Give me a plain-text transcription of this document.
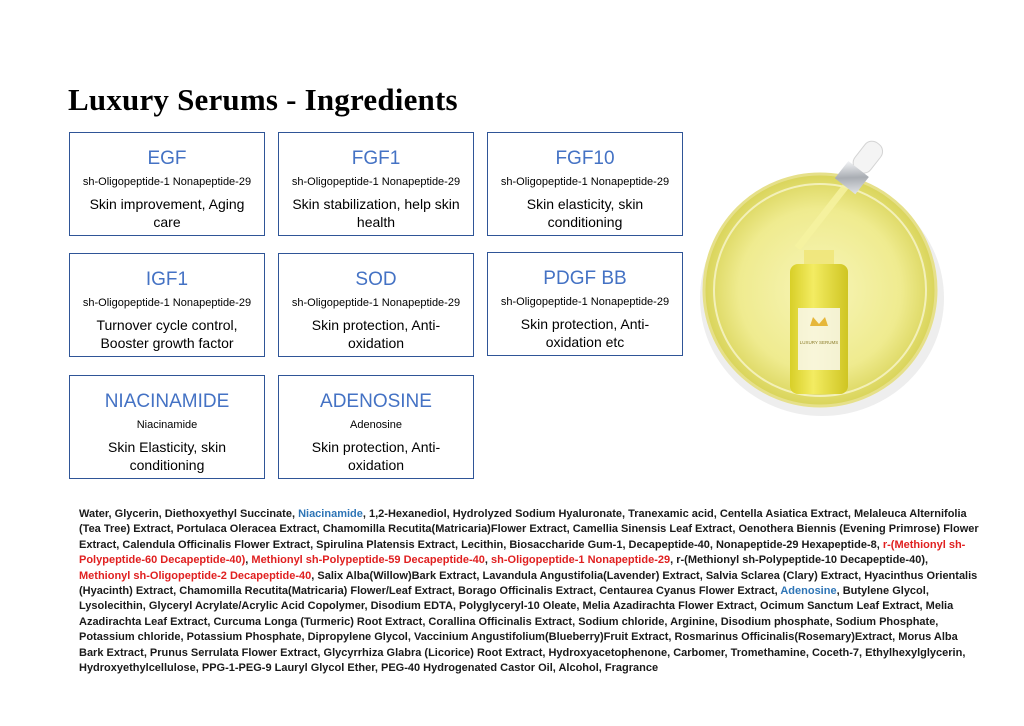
Luxury Serums - Ingredients
EGF
sh-Oligopeptide-1 Nonapeptide-29
Skin improvement, Aging care
FGF1
sh-Oligopeptide-1 Nonapeptide-29
Skin stabilization, help skin health
FGF10
sh-Oligopeptide-1 Nonapeptide-29
Skin elasticity, skin conditioning
IGF1
sh-Oligopeptide-1 Nonapeptide-29
Turnover cycle control, Booster growth factor
SOD
sh-Oligopeptide-1 Nonapeptide-29
Skin protection, Anti-oxidation
PDGF BB
sh-Oligopeptide-1 Nonapeptide-29
Skin protection, Anti-oxidation etc
NIACINAMIDE
Niacinamide
Skin Elasticity, skin conditioning
ADENOSINE
Adenosine
Skin protection, Anti-oxidation
LUXURY SERUMS
Water, Glycerin, Diethoxyethyl Succinate, Niacinamide, 1,2-Hexanediol, Hydrolyzed Sodium Hyaluronate, Tranexamic acid, Centella Asiatica Extract, Melaleuca Alternifolia (Tea Tree) Extract, Portulaca Oleracea Extract, Chamomilla Recutita(Matricaria)Flower Extract, Camellia Sinensis Leaf Extract, Oenothera Biennis (Evening Primrose) Flower Extract, Calendula Officinalis Flower Extract, Spirulina Platensis Extract, Lecithin, Biosaccharide Gum-1, Decapeptide-40, Nonapeptide-29 Hexapeptide-8, r-(Methionyl sh-Polypeptide-60 Decapeptide-40), Methionyl sh-Polypeptide-59 Decapeptide-40, sh-Oligopeptide-1 Nonapeptide-29, r-(Methionyl sh-Polypeptide-10 Decapeptide-40), Methionyl sh-Oligopeptide-2 Decapeptide-40, Salix Alba(Willow)Bark Extract, Lavandula Angustifolia(Lavender) Extract, Salvia Sclarea (Clary) Extract, Hyacinthus Orientalis (Hyacinth) Extract, Chamomilla Recutita(Matricaria) Flower/Leaf Extract, Borago Officinalis Extract, Centaurea Cyanus Flower Extract, Adenosine, Butylene Glycol, Lysolecithin, Glyceryl Acrylate/Acrylic Acid Copolymer, Disodium EDTA, Polyglyceryl-10 Oleate, Melia Azadirachta Flower Extract, Ocimum Sanctum Leaf Extract, Melia Azadirachta Leaf Extract, Curcuma Longa (Turmeric) Root Extract, Corallina Officinalis Extract, Sodium chloride, Arginine, Disodium phosphate, Sodium Phosphate, Potassium chloride, Potassium Phosphate, Dipropylene Glycol, Vaccinium Angustifolium(Blueberry)Fruit Extract, Rosmarinus Officinalis(Rosemary)Extract, Morus Alba Bark Extract, Prunus Serrulata Flower Extract, Glycyrrhiza Glabra (Licorice) Root Extract, Hydroxyacetophenone, Carbomer, Tromethamine, Coceth-7, Ethylhexylglycerin, Hydroxyethylcellulose, PPG-1-PEG-9 Lauryl Glycol Ether, PEG-40 Hydrogenated Castor Oil, Alcohol, Fragrance
